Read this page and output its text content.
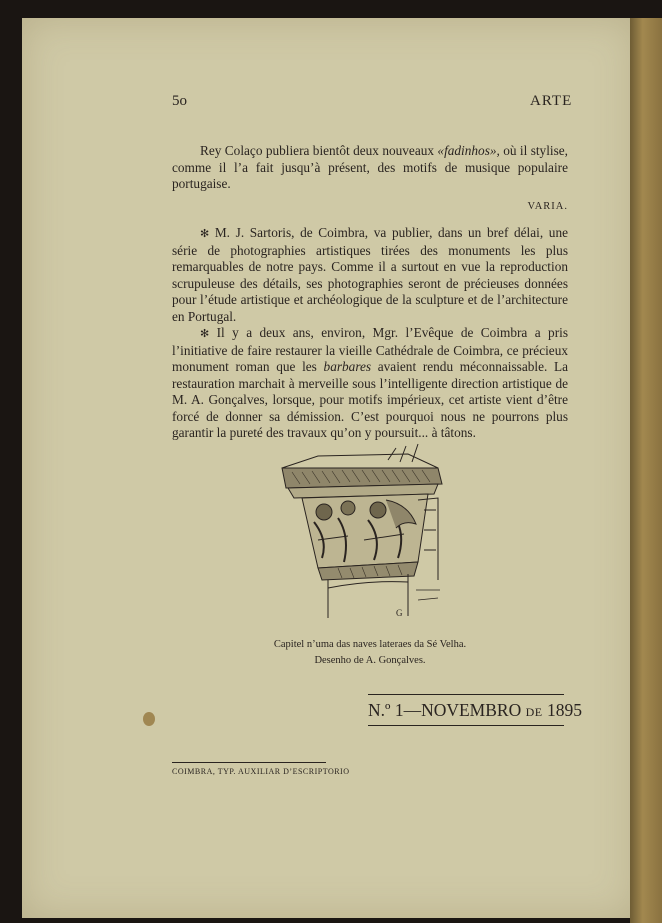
5o	ARTE

Rey Colaço publiera bientôt deux nouveaux «fadinhos», où il stylise, comme il l’a fait jusqu’à présent, des motifs de musique populaire portugaise.

VARIA.

✻ M. J. Sartoris, de Coimbra, va publier, dans un bref délai, une série de photographies artistiques tirées des monuments les plus remarquables de notre pays. Comme il a surtout en vue la reproduction scrupuleuse des détails, ses photographies seront de précieuses données pour l’étude artistique et archéologique de la sculpture et de l’architecture en Portugal.

✻ Il y a deux ans, environ, Mgr. l’Evêque de Coimbra a pris l’initiative de faire restaurer la vieille Cathédrale de Coimbra, ce précieux monument roman que les barbares avaient rendu méconnaissable. La restauration marchait à merveille sous l’intelligente direction artistique de M. A. Gonçalves, lorsque, pour motifs impérieux, cet artiste vient d’être forcé de donner sa démission. C’est pourquoi nous ne pourrons plus garantir la pureté des travaux qu’on y poursuit... à tâtons.

G
Capitel n’uma das naves lateraes da Sé Velha.
Desenho de A. Gonçalves.
N.º 1—NOVEMBRO DE 1895
COIMBRA, TYP. AUXILIAR D’ESCRIPTORIO
